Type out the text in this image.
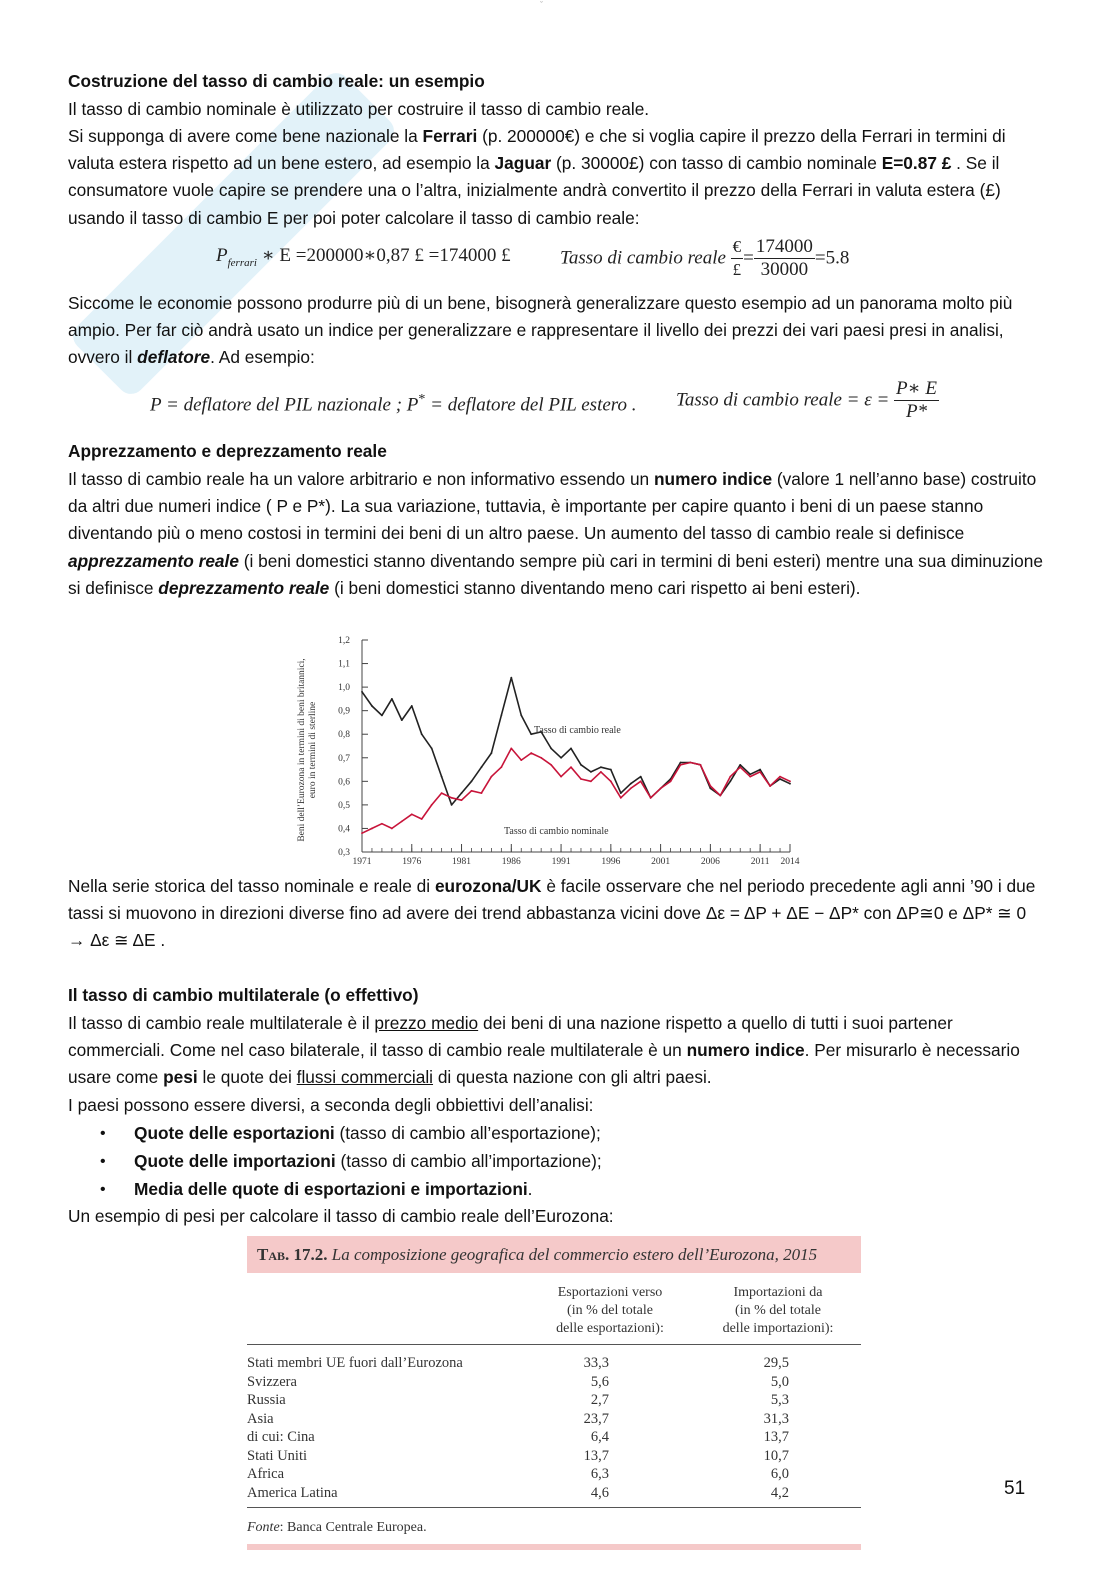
ˇ
Costruzione del tasso di cambio reale: un esempio
Il tasso di cambio nominale è utilizzato per costruire il tasso di cambio reale.
Si supponga di avere come bene nazionale la Ferrari (p. 200000€) e che si voglia capire il prezzo della Ferrari in termini di valuta estera rispetto ad un bene estero, ad esempio la Jaguar (p. 30000£) con tasso di cambio nominale E=0.87 £ . Se il consumatore vuole capire se prendere una o l’altra, inizialmente andrà convertito il prezzo della Ferrari in valuta estera (£) usando il tasso di cambio E per poi poter calcolare il tasso di cambio reale:
$P_{ferrari}$ ∗ E =200000∗0,87 £ =174000 £	Tasso di cambio reale $\frac{€}{£} = \frac{174000}{30000} =5.8$
Siccome le economie possono produrre più di un bene, bisognerà generalizzare questo esempio ad un panorama molto più ampio. Per far ciò andrà usato un indice per generalizzare e rappresentare il livello dei prezzi dei vari paesi presi in analisi, ovvero il deflatore. Ad esempio:
P = deflatore del PIL nazionale ; P* = deflatore del PIL estero . Tasso di cambio reale = $\varepsilon = \frac{P∗ E}{P*}$
Apprezzamento e deprezzamento reale
Il tasso di cambio reale ha un valore arbitrario e non informativo essendo un numero indice (valore 1 nell’anno base) costruito da altri due numeri indice ( P e P*). La sua variazione, tuttavia, è importante per capire quanto i beni di un paese stanno diventando più o meno costosi in termini dei beni di un altro paese. Un aumento del tasso di cambio reale si definisce apprezzamento reale (i beni domestici stanno diventando sempre più cari in termini di beni esteri) mentre una sua diminuzione si definisce deprezzamento reale (i beni domestici stanno diventando meno cari rispetto ai beni esteri).
1,2
1,1
1,0
0,9
0,8
0,7
0,6
0,5
0,4
0,3
1971	1976	1981	1986	1991	1996	2001	2006	2011 2014
Beni dell’Eurozona in termini di beni britannici, euro in termini di sterline	Tasso di cambio reale
Tasso di cambio nominale
Nella serie storica del tasso nominale e reale di eurozona/UK è facile osservare che nel periodo precedente agli anni ’90 i due tassi si muovono in direzioni diverse fino ad avere dei trend abbastanza vicini dove Δε = ΔP + ΔE − ΔP* con ΔP≅0 e ΔP* ≅ 0 → Δε ≅ ΔE .
Il tasso di cambio multilaterale (o effettivo)
Il tasso di cambio reale multilaterale è il prezzo medio dei beni di una nazione rispetto a quello di tutti i suoi partener commerciali. Come nel caso bilaterale, il tasso di cambio reale multilaterale è un numero indice. Per misurarlo è necessario usare come pesi le quote dei flussi commerciali di questa nazione con gli altri paesi.
I paesi possono essere diversi, a seconda degli obbiettivi dell’analisi:
•	Quote delle esportazioni (tasso di cambio all’esportazione);
•	Quote delle importazioni (tasso di cambio all’importazione);
•	Media delle quote di esportazioni e importazioni.
Un esempio di pesi per calcolare il tasso di cambio reale dell’Eurozona:
Tab. 17.2. La composizione geografica del commercio estero dell’Eurozona, 2015
Esportazioni verso
(in % del totale
delle esportazioni):
Importazioni da
(in % del totale
delle importazioni):
Stati membri UE fuori dall’Eurozona	33,3	29,5
Svizzera	5,6	5,0
Russia	2,7	5,3
Asia	23,7	31,3
di cui: Cina	6,4	13,7
Stati Uniti	13,7	10,7
Africa	6,3	6,0
America Latina	4,6	4,2
Fonte: Banca Centrale Europea.
51
